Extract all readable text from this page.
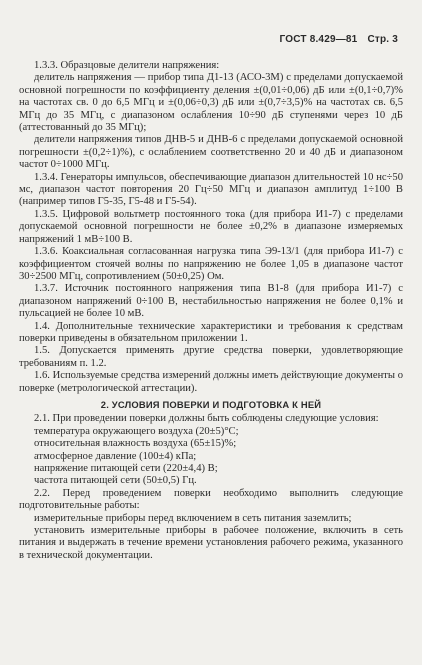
ГОСТ 8.429—81 Стр. 3

1.3.3. Образцовые делители напряжения:

делитель напряжения — прибор типа Д1-13 (АСО-3М) с пределами допускаемой основной погрешности по коэффициенту деления ±(0,01÷0,06) дБ или ±(0,1÷0,7)% на частотах св. 0 до 6,5 МГц и ±(0,06÷0,3) дБ или ±(0,7÷3,5)% на частотах св. 6,5 МГц до 35 МГц, с диапазоном ослабления 10÷90 дБ ступенями через 10 дБ (аттестованный до 35 МГц);

делители напряжения типов ДНВ-5 и ДНВ-6 с пределами допускаемой основной погрешности ±(0,2÷1)%), с ослаблением соответственно 20 и 40 дБ и диапазоном частот 0÷1000 МГц.

1.3.4. Генераторы импульсов, обеспечивающие диапазон длительностей 10 нс÷50 мс, диапазон частот повторения 20 Гц÷50 МГц и диапазон амплитуд 1÷100 В (например типов Г5-35, Г5-48 и Г5-54).

1.3.5. Цифровой вольтметр постоянного тока (для прибора И1-7) с пределами допускаемой основной погрешности не более ±0,2% в диапазоне измеряемых напряжений 1 мВ÷100 В.

1.3.6. Коаксиальная согласованная нагрузка типа Э9-13/1 (для прибора И1-7) с коэффициентом стоячей волны по напряжению не более 1,05 в диапазоне частот 30÷2500 МГц, сопротивлением (50±0,25) Ом.

1.3.7. Источник постоянного напряжения типа В1-8 (для прибора И1-7) с диапазоном напряжений 0÷100 В, нестабильностью напряжения не более 0,1% и пульсацией не более 10 мВ.

1.4. Дополнительные технические характеристики и требования к средствам поверки приведены в обязательном приложении 1.

1.5. Допускается применять другие средства поверки, удовлетворяющие требованиям п. 1.2.

1.6. Используемые средства измерений должны иметь действующие документы о поверке (метрологической аттестации).

2. УСЛОВИЯ ПОВЕРКИ И ПОДГОТОВКА К НЕЙ

2.1. При проведении поверки должны быть соблюдены следующие условия:

температура окружающего воздуха (20±5)°С;

относительная влажность воздуха (65±15)%;

атмосферное давление (100±4) кПа;

напряжение питающей сети (220±4,4) В;

частота питающей сети (50±0,5) Гц.

2.2. Перед проведением поверки необходимо выполнить следующие подготовительные работы:

измерительные приборы перед включением в сеть питания заземлить;

установить измерительные приборы в рабочее положение, включить в сеть питания и выдержать в течение времени установления рабочего режима, указанного в технической документации.
